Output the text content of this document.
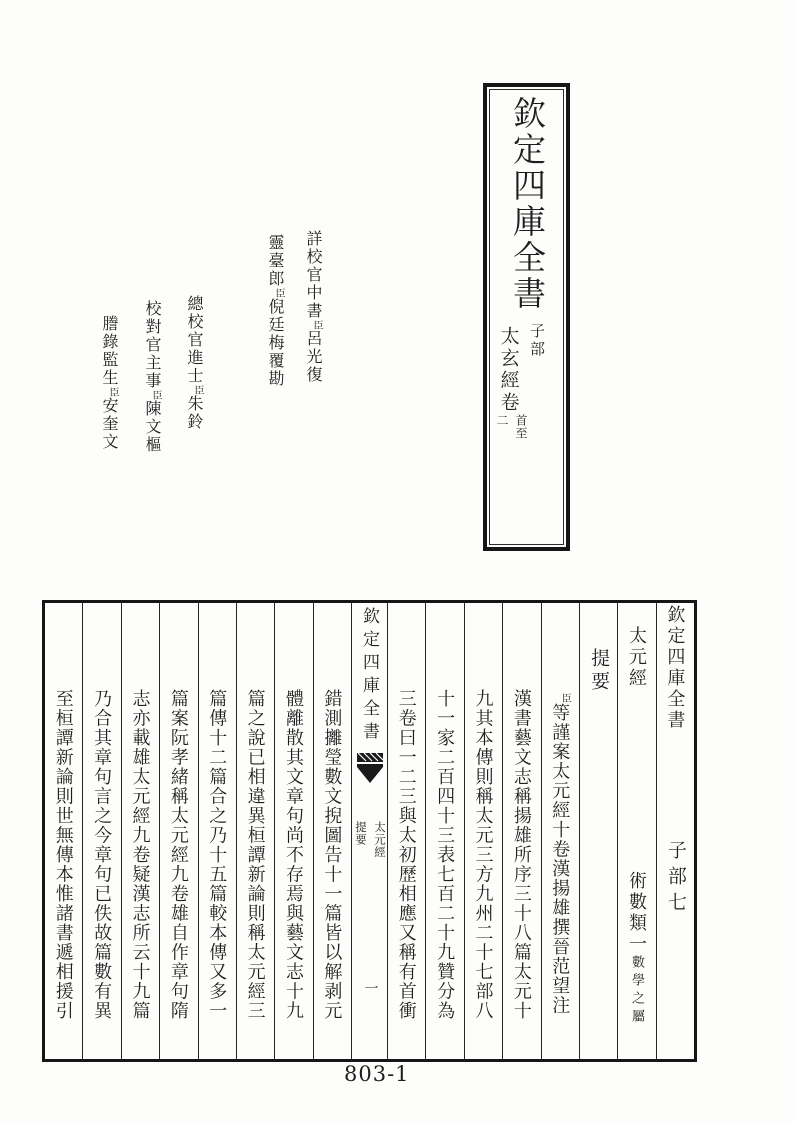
欽定四庫全書
子部
太玄經卷
首至
二
詳校官中書臣呂光復
靈臺郎臣倪廷梅覆勘
總校官進士臣朱鈴
校對官主事臣陳文樞
謄錄監生臣安奎文
欽定四庫全書
子部七
太元經
術數類一數學之屬
提要
臣等謹案太元經十卷漢揚雄撰晉范望注
漢書藝文志稱揚雄所序三十八篇太元十
九其本傳則稱太元三方九州二十七部八
十一家二百四十三表七百二十九贊分為
三卷曰一二三與太初歷相應又稱有首衝
欽定四庫全書
太元經
提要
一
錯測攡瑩數文掜圖告十一篇皆以解剥元
體離散其文章句尚不存焉與藝文志十九
篇之說已相違異桓譚新論則稱太元經三
篇傳十二篇合之乃十五篇較本傳又多一
篇案阮孝緒稱太元經九卷雄自作章句隋
志亦載雄太元經九卷疑漢志所云十九篇
乃合其章句言之今章句已佚故篇數有異
至桓譚新論則世無傳本惟諸書遞相援引
803-1
